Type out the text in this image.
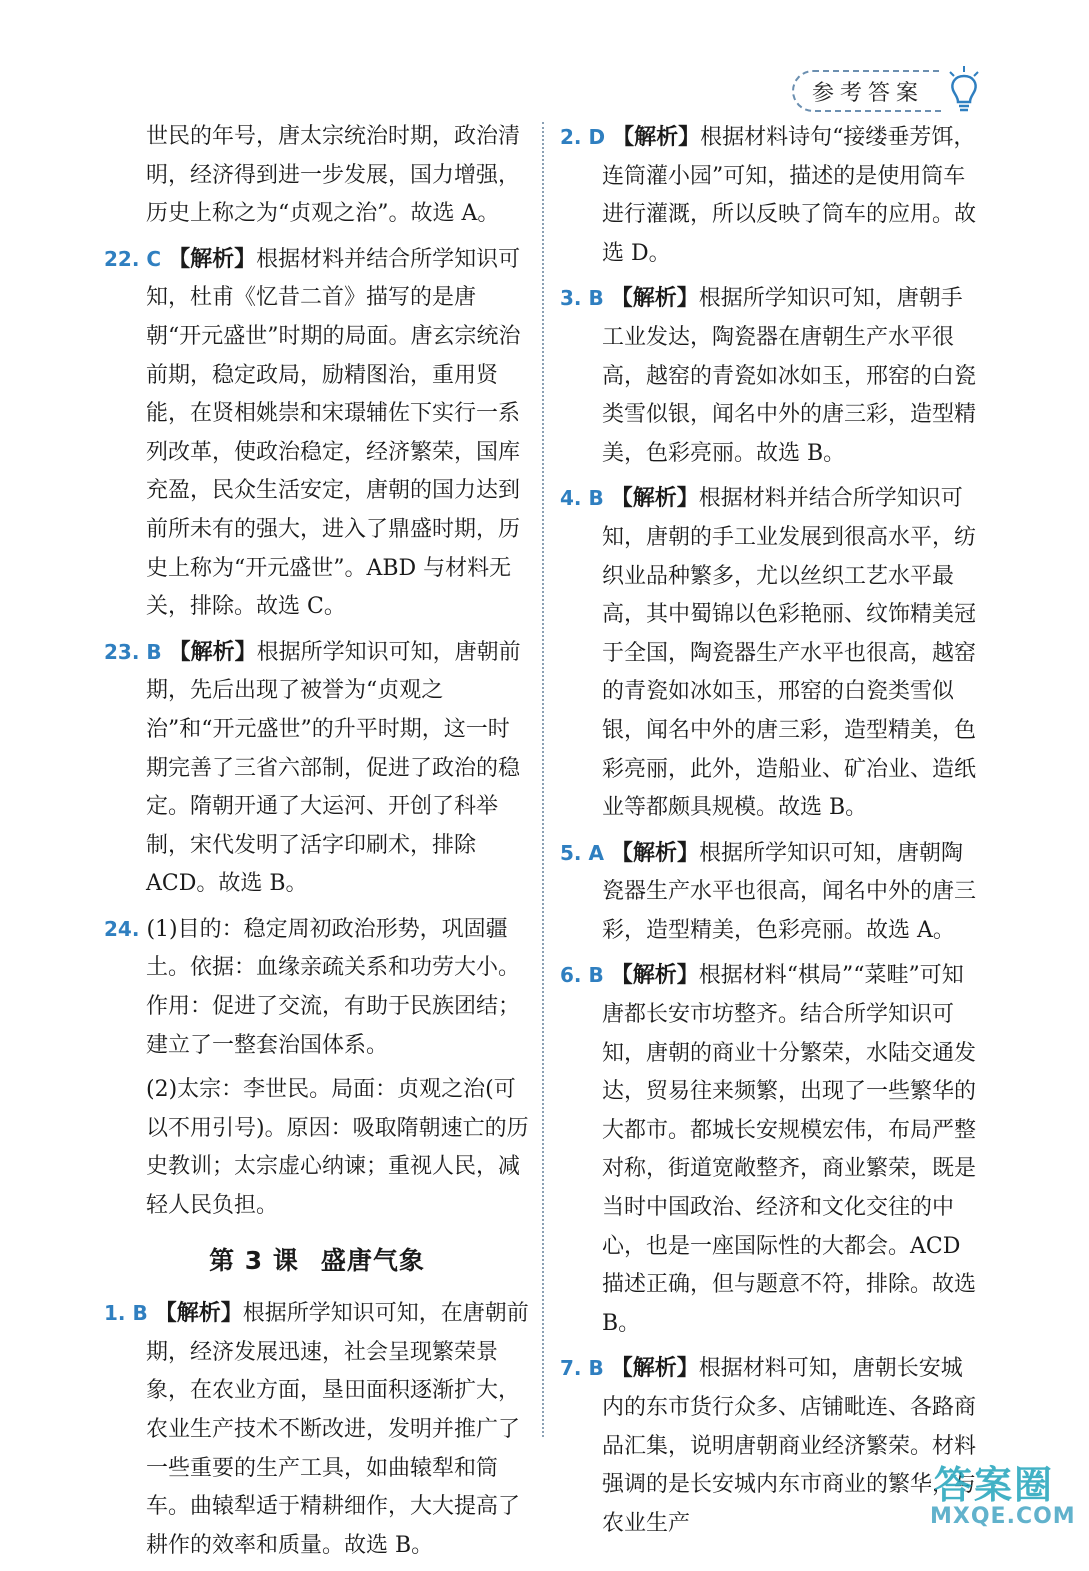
参考答案
世民的年号，唐太宗统治时期，政治清明，经济得到进一步发展，国力增强，历史上称之为“贞观之治”。故选 A。
22. C 【解析】根据材料并结合所学知识可知，杜甫《忆昔二首》描写的是唐朝“开元盛世”时期的局面。唐玄宗统治前期，稳定政局，励精图治，重用贤能，在贤相姚崇和宋璟辅佐下实行一系列改革，使政治稳定，经济繁荣，国库充盈，民众生活安定，唐朝的国力达到前所未有的强大，进入了鼎盛时期，历史上称为“开元盛世”。ABD 与材料无关，排除。故选 C。
23. B 【解析】根据所学知识可知，唐朝前期，先后出现了被誉为“贞观之治”和“开元盛世”的升平时期，这一时期完善了三省六部制，促进了政治的稳定。隋朝开通了大运河、开创了科举制，宋代发明了活字印刷术，排除 ACD。故选 B。
24. (1)目的：稳定周初政治形势，巩固疆土。依据：血缘亲疏关系和功劳大小。作用：促进了交流，有助于民族团结；建立了一整套治国体系。
(2)太宗：李世民。局面：贞观之治(可以不用引号)。原因：吸取隋朝速亡的历史教训；太宗虚心纳谏；重视人民，减轻人民负担。
第 3 课 盛唐气象
1. B 【解析】根据所学知识可知，在唐朝前期，经济发展迅速，社会呈现繁荣景象，在农业方面，垦田面积逐渐扩大，农业生产技术不断改进，发明并推广了一些重要的生产工具，如曲辕犁和筒车。曲辕犁适于精耕细作，大大提高了耕作的效率和质量。故选 B。
2. D 【解析】根据材料诗句“接缕垂芳饵，连筒灌小园”可知，描述的是使用筒车进行灌溉，所以反映了筒车的应用。故选 D。
3. B 【解析】根据所学知识可知，唐朝手工业发达，陶瓷器在唐朝生产水平很高，越窑的青瓷如冰如玉，邢窑的白瓷类雪似银，闻名中外的唐三彩，造型精美，色彩亮丽。故选 B。
4. B 【解析】根据材料并结合所学知识可知，唐朝的手工业发展到很高水平，纺织业品种繁多，尤以丝织工艺水平最高，其中蜀锦以色彩艳丽、纹饰精美冠于全国，陶瓷器生产水平也很高，越窑的青瓷如冰如玉，邢窑的白瓷类雪似银，闻名中外的唐三彩，造型精美，色彩亮丽，此外，造船业、矿冶业、造纸业等都颇具规模。故选 B。
5. A 【解析】根据所学知识可知，唐朝陶瓷器生产水平也很高，闻名中外的唐三彩，造型精美，色彩亮丽。故选 A。
6. B 【解析】根据材料“棋局”“菜畦”可知唐都长安市坊整齐。结合所学知识可知，唐朝的商业十分繁荣，水陆交通发达，贸易往来频繁，出现了一些繁华的大都市。都城长安规模宏伟，布局严整对称，街道宽敞整齐，商业繁荣，既是当时中国政治、经济和文化交往的中心，也是一座国际性的大都会。ACD 描述正确，但与题意不符，排除。故选 B。
7. B 【解析】根据材料可知，唐朝长安城内的东市货行众多、店铺毗连、各路商品汇集，说明唐朝商业经济繁荣。材料强调的是长安城内东市商业的繁华，与农业生产
答案圈
MXQE.COM
